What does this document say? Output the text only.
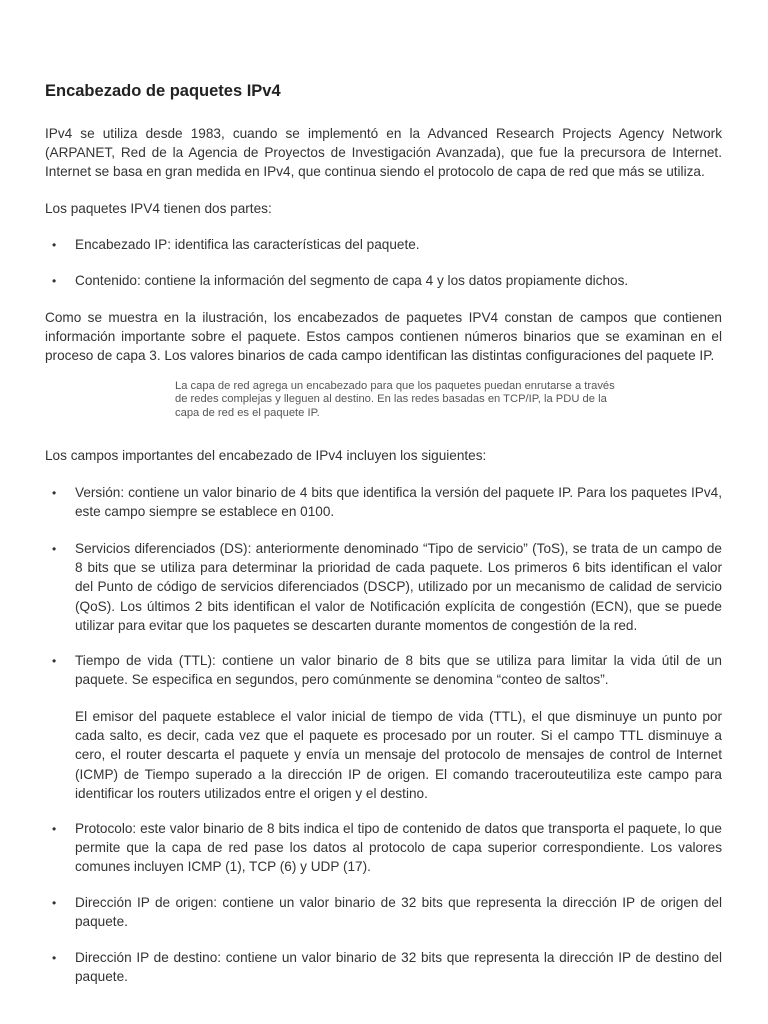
Encabezado de paquetes IPv4

IPv4 se utiliza desde 1983, cuando se implementó en la Advanced Research Projects Agency Network (ARPANET, Red de la Agencia de Proyectos de Investigación Avanzada), que fue la precursora de Internet. Internet se basa en gran medida en IPv4, que continua siendo el protocolo de capa de red que más se utiliza.

Los paquetes IPV4 tienen dos partes:

• Encabezado IP: identifica las características del paquete.

• Contenido: contiene la información del segmento de capa 4 y los datos propiamente dichos.

Como se muestra en la ilustración, los encabezados de paquetes IPV4 constan de campos que contienen información importante sobre el paquete. Estos campos contienen números binarios que se examinan en el proceso de capa 3. Los valores binarios de cada campo identifican las distintas configuraciones del paquete IP.

La capa de red agrega un encabezado para que los paquetes puedan enrutarse a través de redes complejas y lleguen al destino. En las redes basadas en TCP/IP, la PDU de la capa de red es el paquete IP.

Los campos importantes del encabezado de IPv4 incluyen los siguientes:

• Versión: contiene un valor binario de 4 bits que identifica la versión del paquete IP. Para los paquetes IPv4, este campo siempre se establece en 0100.

• Servicios diferenciados (DS): anteriormente denominado “Tipo de servicio” (ToS), se trata de un campo de 8 bits que se utiliza para determinar la prioridad de cada paquete. Los primeros 6 bits identifican el valor del Punto de código de servicios diferenciados (DSCP), utilizado por un mecanismo de calidad de servicio (QoS). Los últimos 2 bits identifican el valor de Notificación explícita de congestión (ECN), que se puede utilizar para evitar que los paquetes se descarten durante momentos de congestión de la red.

• Tiempo de vida (TTL): contiene un valor binario de 8 bits que se utiliza para limitar la vida útil de un paquete. Se especifica en segundos, pero comúnmente se denomina “conteo de saltos”.

El emisor del paquete establece el valor inicial de tiempo de vida (TTL), el que disminuye un punto por cada salto, es decir, cada vez que el paquete es procesado por un router. Si el campo TTL disminuye a cero, el router descarta el paquete y envía un mensaje del protocolo de mensajes de control de Internet (ICMP) de Tiempo superado a la dirección IP de origen. El comando tracerouteutiliza este campo para identificar los routers utilizados entre el origen y el destino.

• Protocolo: este valor binario de 8 bits indica el tipo de contenido de datos que transporta el paquete, lo que permite que la capa de red pase los datos al protocolo de capa superior correspondiente. Los valores comunes incluyen ICMP (1), TCP (6) y UDP (17).

• Dirección IP de origen: contiene un valor binario de 32 bits que representa la dirección IP de origen del paquete.

• Dirección IP de destino: contiene un valor binario de 32 bits que representa la dirección IP de destino del paquete.
